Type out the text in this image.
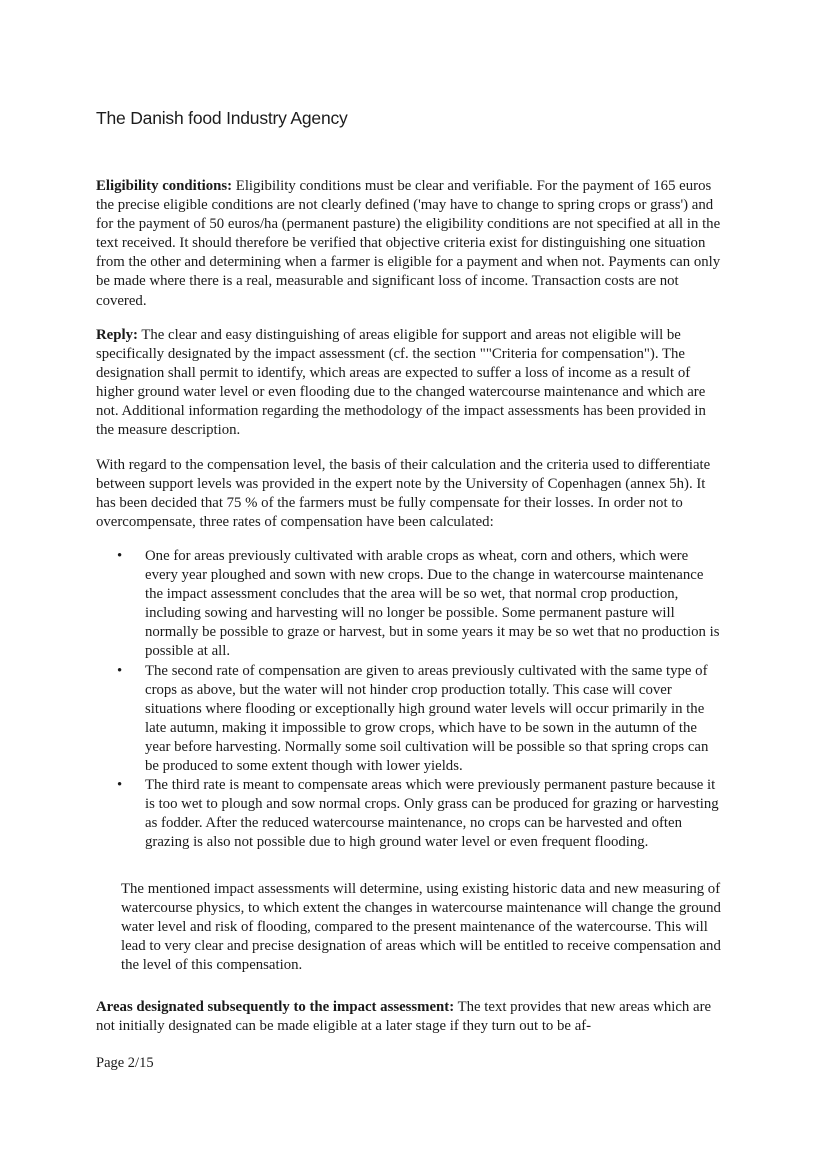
The Danish food Industry Agency

Eligibility conditions: Eligibility conditions must be clear and verifiable. For the payment of 165 euros the precise eligible conditions are not clearly defined ('may have to change to spring crops or grass') and for the payment of 50 euros/ha (permanent pasture) the eligibility conditions are not specified at all in the text received. It should therefore be verified that objective criteria exist for distinguishing one situation from the other and determining when a farmer is eligible for a payment and when not. Payments can only be made where there is a real, measurable and significant loss of income. Transaction costs are not covered.

Reply: The clear and easy distinguishing of areas eligible for support and areas not eligible will be specifically designated by the impact assessment (cf. the section ""Criteria for compensation"). The designation shall permit to identify, which areas are expected to suffer a loss of income as a result of higher ground water level or even flooding due to the changed watercourse maintenance and which are not. Additional information regarding the methodology of the impact assessments has been provided in the measure description.

With regard to the compensation level, the basis of their calculation and the criteria used to differentiate between support levels was provided in the expert note by the University of Copenhagen (annex 5h). It has been decided that 75 % of the farmers must be fully compensate for their losses. In order not to overcompensate, three rates of compensation have been calculated:

• One for areas previously cultivated with arable crops as wheat, corn and others, which were every year ploughed and sown with new crops. Due to the change in watercourse maintenance the impact assessment concludes that the area will be so wet, that normal crop production, including sowing and harvesting will no longer be possible. Some permanent pasture will normally be possible to graze or harvest, but in some years it may be so wet that no production is possible at all.
• The second rate of compensation are given to areas previously cultivated with the same type of crops as above, but the water will not hinder crop production totally. This case will cover situations where flooding or exceptionally high ground water levels will occur primarily in the late autumn, making it impossible to grow crops, which have to be sown in the autumn of the year before harvesting. Normally some soil cultivation will be possible so that spring crops can be produced to some extent though with lower yields.
• The third rate is meant to compensate areas which were previously permanent pasture because it is too wet to plough and sow normal crops. Only grass can be produced for grazing or harvesting as fodder. After the reduced watercourse maintenance, no crops can be harvested and often grazing is also not possible due to high ground water level or even frequent flooding.

The mentioned impact assessments will determine, using existing historic data and new measuring of watercourse physics, to which extent the changes in watercourse maintenance will change the ground water level and risk of flooding, compared to the present maintenance of the watercourse. This will lead to very clear and precise designation of areas which will be entitled to receive compensation and the level of this compensation.

Areas designated subsequently to the impact assessment: The text provides that new areas which are not initially designated can be made eligible at a later stage if they turn out to be af-

Page 2/15
